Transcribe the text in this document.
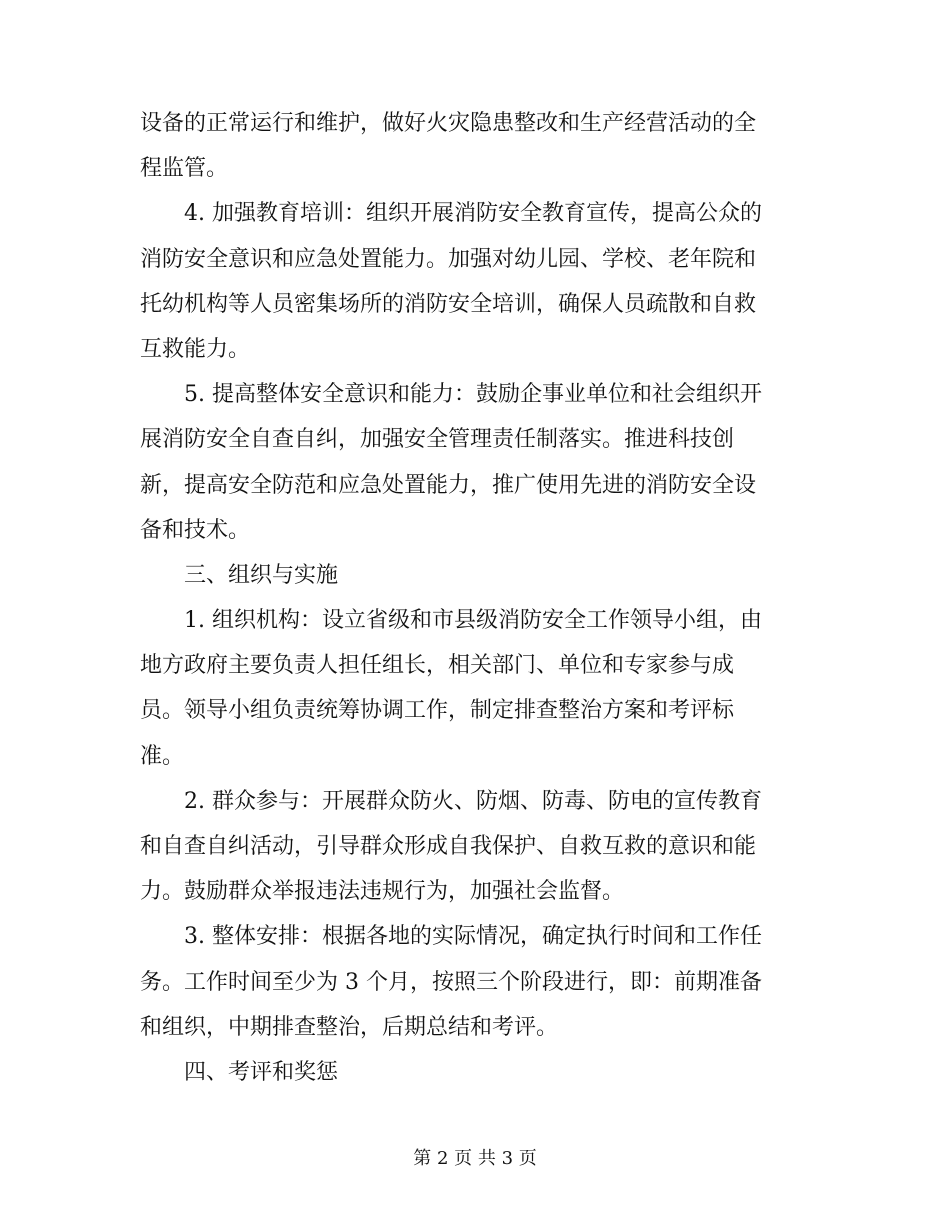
设备的正常运行和维护，做好火灾隐患整改和生产经营活动的全
程监管。
4. 加强教育培训：组织开展消防安全教育宣传，提高公众的
消防安全意识和应急处置能力。加强对幼儿园、学校、老年院和
托幼机构等人员密集场所的消防安全培训，确保人员疏散和自救
互救能力。
5. 提高整体安全意识和能力：鼓励企事业单位和社会组织开
展消防安全自查自纠，加强安全管理责任制落实。推进科技创
新，提高安全防范和应急处置能力，推广使用先进的消防安全设
备和技术。
三、组织与实施
1. 组织机构：设立省级和市县级消防安全工作领导小组，由
地方政府主要负责人担任组长，相关部门、单位和专家参与成
员。领导小组负责统筹协调工作，制定排查整治方案和考评标
准。
2. 群众参与：开展群众防火、防烟、防毒、防电的宣传教育
和自查自纠活动，引导群众形成自我保护、自救互救的意识和能
力。鼓励群众举报违法违规行为，加强社会监督。
3. 整体安排：根据各地的实际情况，确定执行时间和工作任
务。工作时间至少为 3 个月，按照三个阶段进行，即：前期准备
和组织，中期排查整治，后期总结和考评。
四、考评和奖惩
第 2 页 共 3 页
